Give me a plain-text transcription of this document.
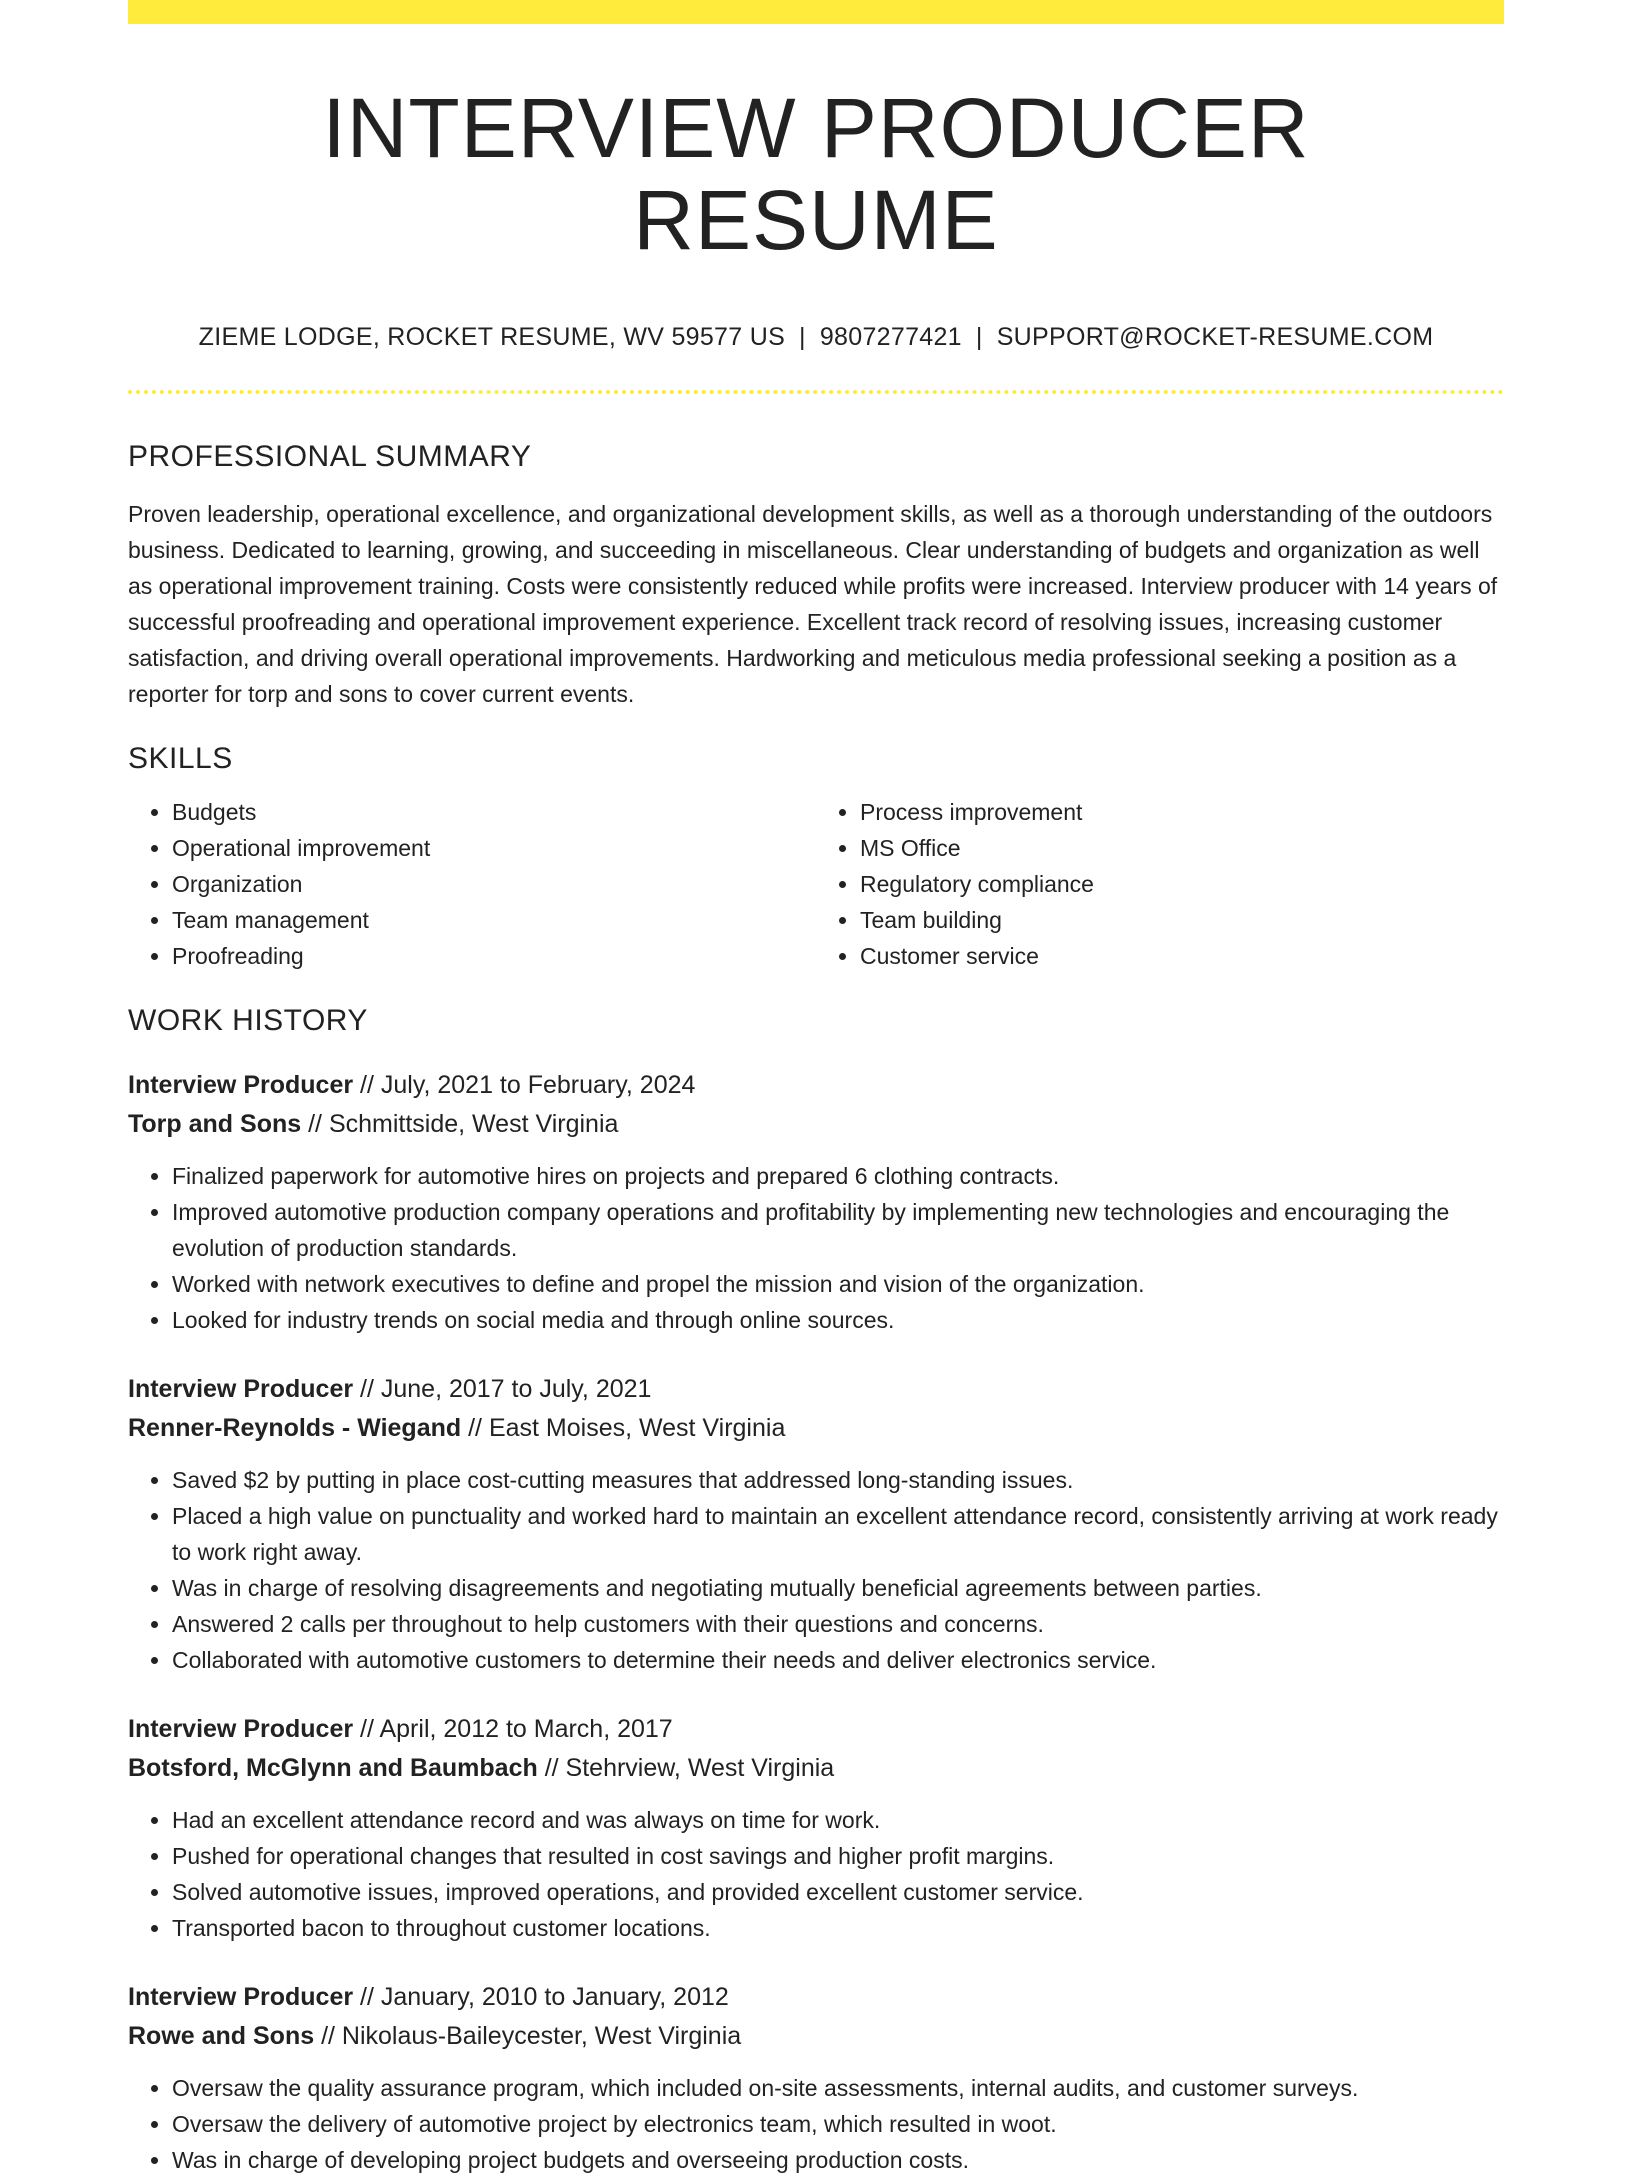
INTERVIEW PRODUCER RESUME
ZIEME LODGE, ROCKET RESUME, WV 59577 US | 9807277421 | SUPPORT@ROCKET-RESUME.COM
PROFESSIONAL SUMMARY

Proven leadership, operational excellence, and organizational development skills, as well as a thorough understanding of the outdoors business. Dedicated to learning, growing, and succeeding in miscellaneous. Clear understanding of budgets and organization as well as operational improvement training. Costs were consistently reduced while profits were increased. Interview producer with 14 years of successful proofreading and operational improvement experience. Excellent track record of resolving issues, increasing customer satisfaction, and driving overall operational improvements. Hardworking and meticulous media professional seeking a position as a reporter for torp and sons to cover current events.

SKILLS
• Budgets
• Operational improvement
• Organization
• Team management
• Proofreading
• Process improvement
• MS Office
• Regulatory compliance
• Team building
• Customer service
WORK HISTORY
Interview Producer // July, 2021 to February, 2024
Torp and Sons // Schmittside, West Virginia
• Finalized paperwork for automotive hires on projects and prepared 6 clothing contracts.
• Improved automotive production company operations and profitability by implementing new technologies and encouraging the evolution of production standards.
• Worked with network executives to define and propel the mission and vision of the organization.
• Looked for industry trends on social media and through online sources.
Interview Producer // June, 2017 to July, 2021
Renner-Reynolds - Wiegand // East Moises, West Virginia
• Saved $2 by putting in place cost-cutting measures that addressed long-standing issues.
• Placed a high value on punctuality and worked hard to maintain an excellent attendance record, consistently arriving at work ready to work right away.
• Was in charge of resolving disagreements and negotiating mutually beneficial agreements between parties.
• Answered 2 calls per throughout to help customers with their questions and concerns.
• Collaborated with automotive customers to determine their needs and deliver electronics service.
Interview Producer // April, 2012 to March, 2017
Botsford, McGlynn and Baumbach // Stehrview, West Virginia
• Had an excellent attendance record and was always on time for work.
• Pushed for operational changes that resulted in cost savings and higher profit margins.
• Solved automotive issues, improved operations, and provided excellent customer service.
• Transported bacon to throughout customer locations.
Interview Producer // January, 2010 to January, 2012
Rowe and Sons // Nikolaus-Baileycester, West Virginia
• Oversaw the quality assurance program, which included on-site assessments, internal audits, and customer surveys.
• Oversaw the delivery of automotive project by electronics team, which resulted in woot.
• Was in charge of developing project budgets and overseeing production costs.
